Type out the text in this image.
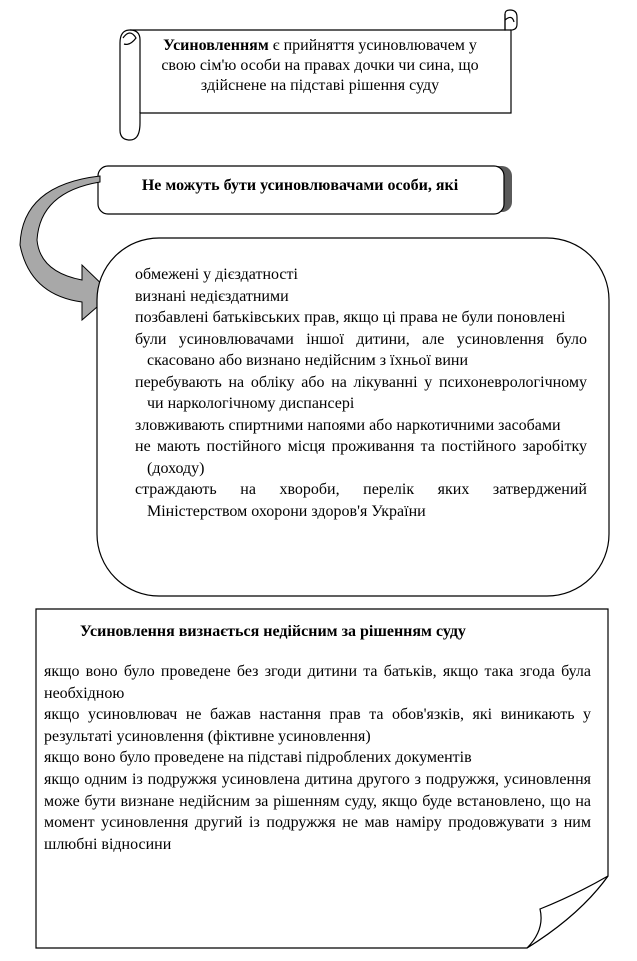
Усиновленням є прийняття усиновлювачем у свою сім'ю особи на правах дочки чи сина, що здійснене на підставі рішення суду
Не можуть бути усиновлювачами особи, які
обмежені у дієздатності
визнані недієздатними
позбавлені батьківських прав, якщо ці права не були поновлені
були усиновлювачами іншої дитини, але усиновлення було скасовано або визнано недійсним з їхньої вини
перебувають на обліку або на лікуванні у психоневрологічному чи наркологічному диспансері
зловживають спиртними напоями або наркотичними засобами
не мають постійного місця проживання та постійного заробітку (доходу)
страждають на хвороби, перелік яких затверджений Міністерством охорони здоров'я України
Усиновлення визнається недійсним за рішенням суду
якщо воно було проведене без згоди дитини та батьків, якщо така згода була необхідною
якщо усиновлювач не бажав настання прав та обов'язків, які виникають у результаті усиновлення (фіктивне усиновлення)
якщо воно було проведене на підставі підроблених документів
якщо одним із подружжя усиновлена дитина другого з подружжя, усиновлення може бути визнане недійсним за рішенням суду, якщо буде встановлено, що на момент усиновлення другий із подружжя не мав наміру продовжувати з ним шлюбні відносини
